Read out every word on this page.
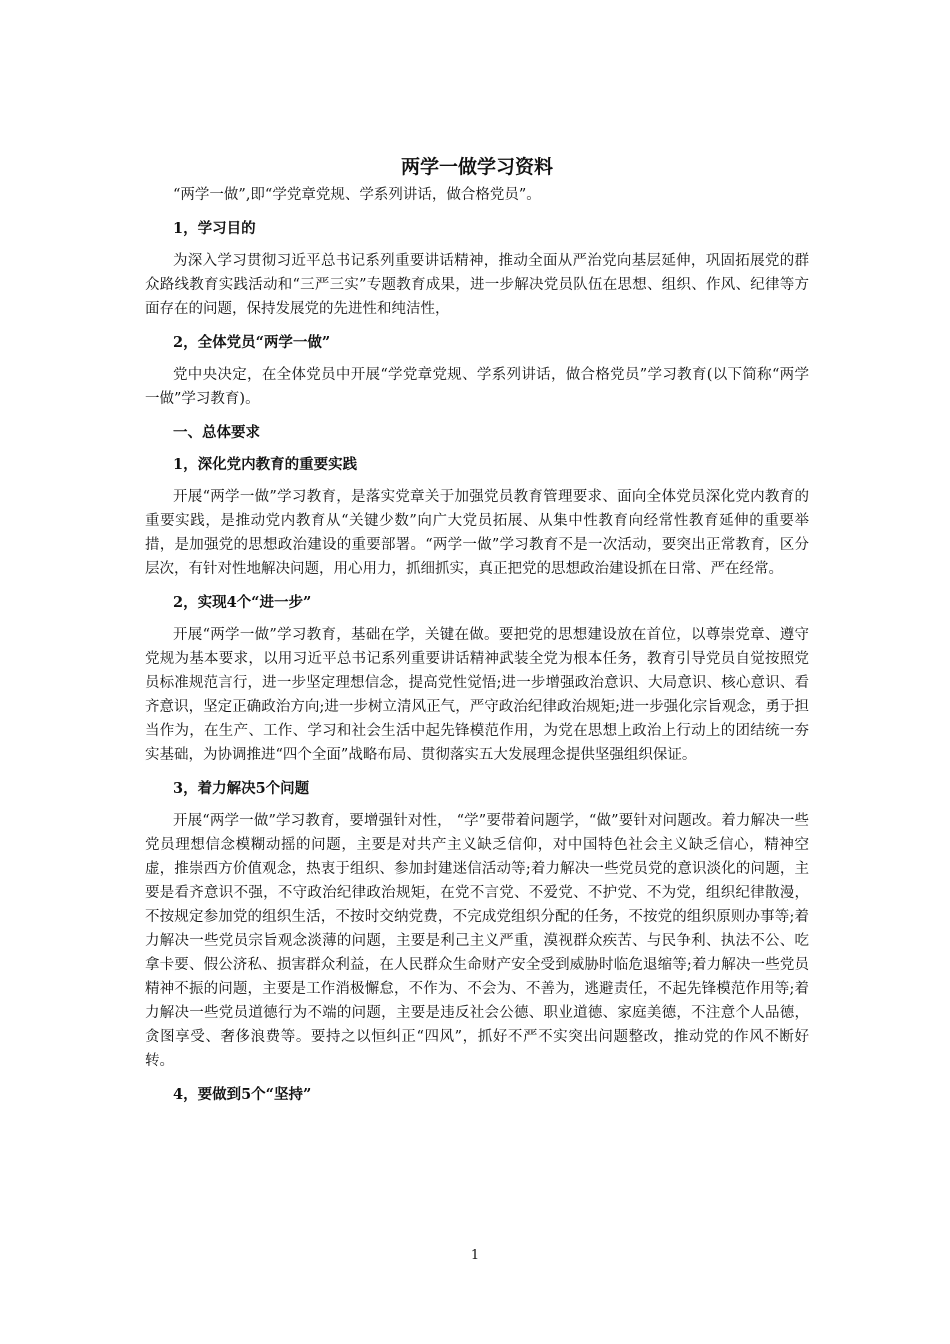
两学一做学习资料

“两学一做”,即“学党章党规、学系列讲话，做合格党员”。

1，学习目的

为深入学习贯彻习近平总书记系列重要讲话精神，推动全面从严治党向基层延伸，巩固拓展党的群众路线教育实践活动和“三严三实”专题教育成果，进一步解决党员队伍在思想、组织、作风、纪律等方面存在的问题，保持发展党的先进性和纯洁性，

2，全体党员“两学一做”

党中央决定，在全体党员中开展“学党章党规、学系列讲话，做合格党员”学习教育(以下简称“两学一做”学习教育)。

一、总体要求
1，深化党内教育的重要实践

开展“两学一做”学习教育，是落实党章关于加强党员教育管理要求、面向全体党员深化党内教育的重要实践，是推动党内教育从“关键少数”向广大党员拓展、从集中性教育向经常性教育延伸的重要举措，是加强党的思想政治建设的重要部署。“两学一做”学习教育不是一次活动，要突出正常教育，区分层次，有针对性地解决问题，用心用力，抓细抓实，真正把党的思想政治建设抓在日常、严在经常。

2，实现4个“进一步”

开展“两学一做”学习教育，基础在学，关键在做。要把党的思想建设放在首位，以尊崇党章、遵守党规为基本要求，以用习近平总书记系列重要讲话精神武装全党为根本任务，教育引导党员自觉按照党员标准规范言行，进一步坚定理想信念，提高党性觉悟;进一步增强政治意识、大局意识、核心意识、看齐意识，坚定正确政治方向;进一步树立清风正气，严守政治纪律政治规矩;进一步强化宗旨观念，勇于担当作为，在生产、工作、学习和社会生活中起先锋模范作用，为党在思想上政治上行动上的团结统一夯实基础，为协调推进“四个全面”战略布局、贯彻落实五大发展理念提供坚强组织保证。

3，着力解决5个问题

开展“两学一做”学习教育，要增强针对性， “学”要带着问题学，“做”要针对问题改。着力解决一些党员理想信念模糊动摇的问题，主要是对共产主义缺乏信仰，对中国特色社会主义缺乏信心，精神空虚，推崇西方价值观念，热衷于组织、参加封建迷信活动等;着力解决一些党员党的意识淡化的问题，主要是看齐意识不强，不守政治纪律政治规矩，在党不言党、不爱党、不护党、不为党，组织纪律散漫，不按规定参加党的组织生活，不按时交纳党费，不完成党组织分配的任务，不按党的组织原则办事等;着力解决一些党员宗旨观念淡薄的问题，主要是利己主义严重，漠视群众疾苦、与民争利、执法不公、吃拿卡要、假公济私、损害群众利益，在人民群众生命财产安全受到威胁时临危退缩等;着力解决一些党员精神不振的问题，主要是工作消极懈怠，不作为、不会为、不善为，逃避责任，不起先锋模范作用等;着力解决一些党员道德行为不端的问题，主要是违反社会公德、职业道德、家庭美德，不注意个人品德，贪图享受、奢侈浪费等。要持之以恒纠正“四风”，抓好不严不实突出问题整改，推动党的作风不断好转。

4，要做到5个“坚持”
1
